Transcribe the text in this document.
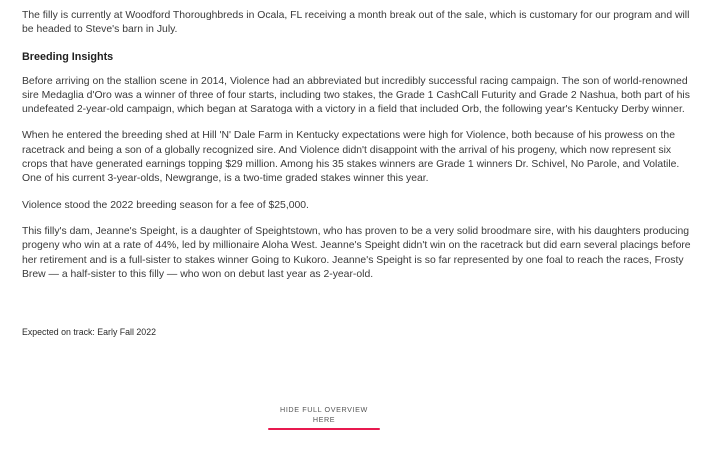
The filly is currently at Woodford Thoroughbreds in Ocala, FL receiving a month break out of the sale, which is customary for our program and will be headed to Steve's barn in July.

Breeding Insights

Before arriving on the stallion scene in 2014, Violence had an abbreviated but incredibly successful racing campaign. The son of world-renowned sire Medaglia d'Oro was a winner of three of four starts, including two stakes, the Grade 1 CashCall Futurity and Grade 2 Nashua, both part of his undefeated 2-year-old campaign, which began at Saratoga with a victory in a field that included Orb, the following year's Kentucky Derby winner.

When he entered the breeding shed at Hill 'N' Dale Farm in Kentucky expectations were high for Violence, both because of his prowess on the racetrack and being a son of a globally recognized sire. And Violence didn't disappoint with the arrival of his progeny, which now represent six crops that have generated earnings topping $29 million. Among his 35 stakes winners are Grade 1 winners Dr. Schivel, No Parole, and Volatile. One of his current 3-year-olds, Newgrange, is a two-time graded stakes winner this year.

Violence stood the 2022 breeding season for a fee of $25,000.

This filly's dam, Jeanne's Speight, is a daughter of Speightstown, who has proven to be a very solid broodmare sire, with his daughters producing progeny who win at a rate of 44%, led by millionaire Aloha West. Jeanne's Speight didn't win on the racetrack but did earn several placings before her retirement and is a full-sister to stakes winner Going to Kukoro. Jeanne's Speight is so far represented by one foal to reach the races, Frosty Brew — a half-sister to this filly — who won on debut last year as 2-year-old.

Expected on track: Early Fall 2022
HIDE FULL OVERVIEW HERE
